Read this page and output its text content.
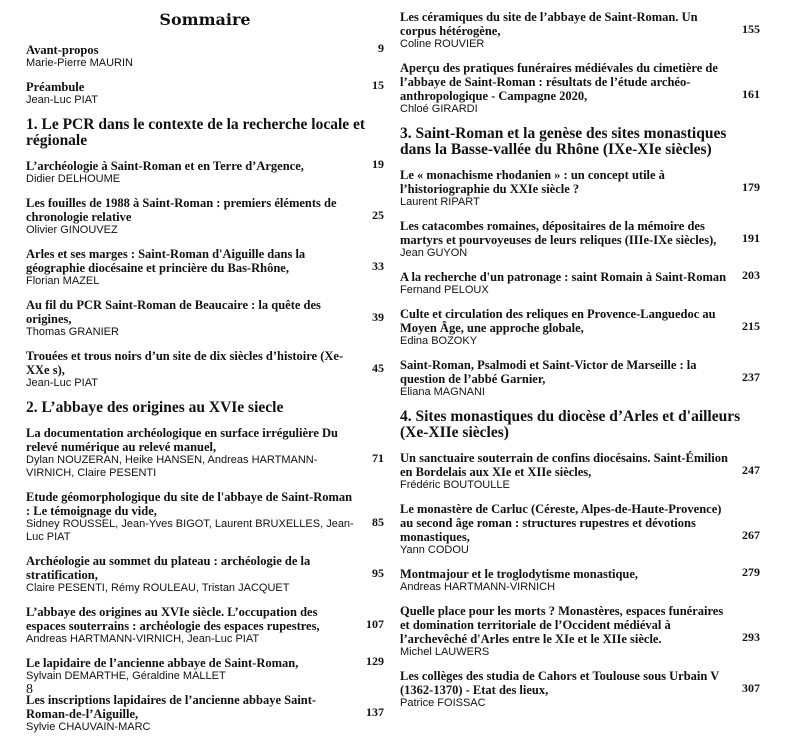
Sommaire
Avant-propos
Marie-Pierre MAURIN
9
Préambule
Jean-Luc PIAT
15
1. Le PCR dans le contexte de la recherche locale et régionale
L’archéologie à Saint-Roman et en Terre d’Argence,
Didier DELHOUME
19
Les fouilles de 1988 à Saint-Roman : premiers éléments de chronologie relative
Olivier GINOUVEZ
25
Arles et ses marges : Saint-Roman d'Aiguille dans la géographie diocésaine et princière du Bas-Rhône,
Florian MAZEL
33
Au fil du PCR Saint-Roman de Beaucaire : la quête des origines,
Thomas GRANIER
39
Trouées et trous noirs d’un site de dix siècles d’histoire (Xe-XXe s),
Jean-Luc PIAT
45
2. L’abbaye des origines au XVIe siecle
La documentation archéologique en surface irrégulière Du relevé numérique au relevé manuel,
Dylan NOUZERAN, Heike HANSEN, Andreas HARTMANN-VIRNICH, Claire PESENTI
71
Etude géomorphologique du site de l'abbaye de Saint-Roman : Le témoignage du vide,
Sidney ROUSSEL, Jean-Yves BIGOT, Laurent BRUXELLES, Jean-Luc PIAT
85
Archéologie au sommet du plateau : archéologie de la stratification,
Claire PESENTI, Rémy ROULEAU, Tristan JACQUET
95
L’abbaye des origines au XVIe siècle. L’occupation des espaces souterrains : archéologie des espaces rupestres,
Andreas HARTMANN-VIRNICH, Jean-Luc PIAT
107
Le lapidaire de l’ancienne abbaye de Saint-Roman,
Sylvain DEMARTHE, Géraldine MALLET
129
Les inscriptions lapidaires de l’ancienne abbaye Saint-Roman-de-l’Aiguille,
Sylvie CHAUVAIN-MARC
137
Les céramiques du site de l’abbaye de Saint-Roman. Un corpus hétérogène,
Coline ROUVIER
155
Aperçu des pratiques funéraires médiévales du cimetière de l’abbaye de Saint-Roman : résultats de l’étude archéo-anthropologique - Campagne 2020,
Chloé GIRARDI
161
3. Saint-Roman et la genèse des sites monastiques dans la Basse-vallée du Rhône (IXe-XIe siècles)
Le « monachisme rhodanien » : un concept utile à l’historiographie du XXIe siècle ?
Laurent RIPART
179
Les catacombes romaines, dépositaires de la mémoire des martyrs et pourvoyeuses de leurs reliques (IIIe-IXe siècles),
Jean GUYON
191
A la recherche d'un patronage : saint Romain à Saint-Roman
Fernand PELOUX
203
Culte et circulation des reliques en Provence-Languedoc au Moyen Âge, une approche globale,
Edina BOZOKY
215
Saint-Roman, Psalmodi et Saint-Victor de Marseille : la question de l’abbé Garnier,
Eliana MAGNANI
237
4. Sites monastiques du diocèse d’Arles et d'ailleurs (Xe-XIIe siècles)
Un sanctuaire souterrain de confins diocésains. Saint-Émilion en Bordelais aux XIe et XIIe siècles,
Frédéric BOUTOULLE
247
Le monastère de Carluc (Céreste, Alpes-de-Haute-Provence) au second âge roman : structures rupestres et dévotions monastiques,
Yann CODOU
267
Montmajour et le troglodytisme monastique,
Andreas HARTMANN-VIRNICH
279
Quelle place pour les morts ? Monastères, espaces funéraires et domination territoriale de l’Occident médiéval à l’archevêché d'Arles entre le XIe et le XIIe siècle.
Michel LAUWERS
293
Les collèges des studia de Cahors et Toulouse sous Urbain V (1362-1370) - Etat des lieux,
Patrice FOISSAC
307
8
